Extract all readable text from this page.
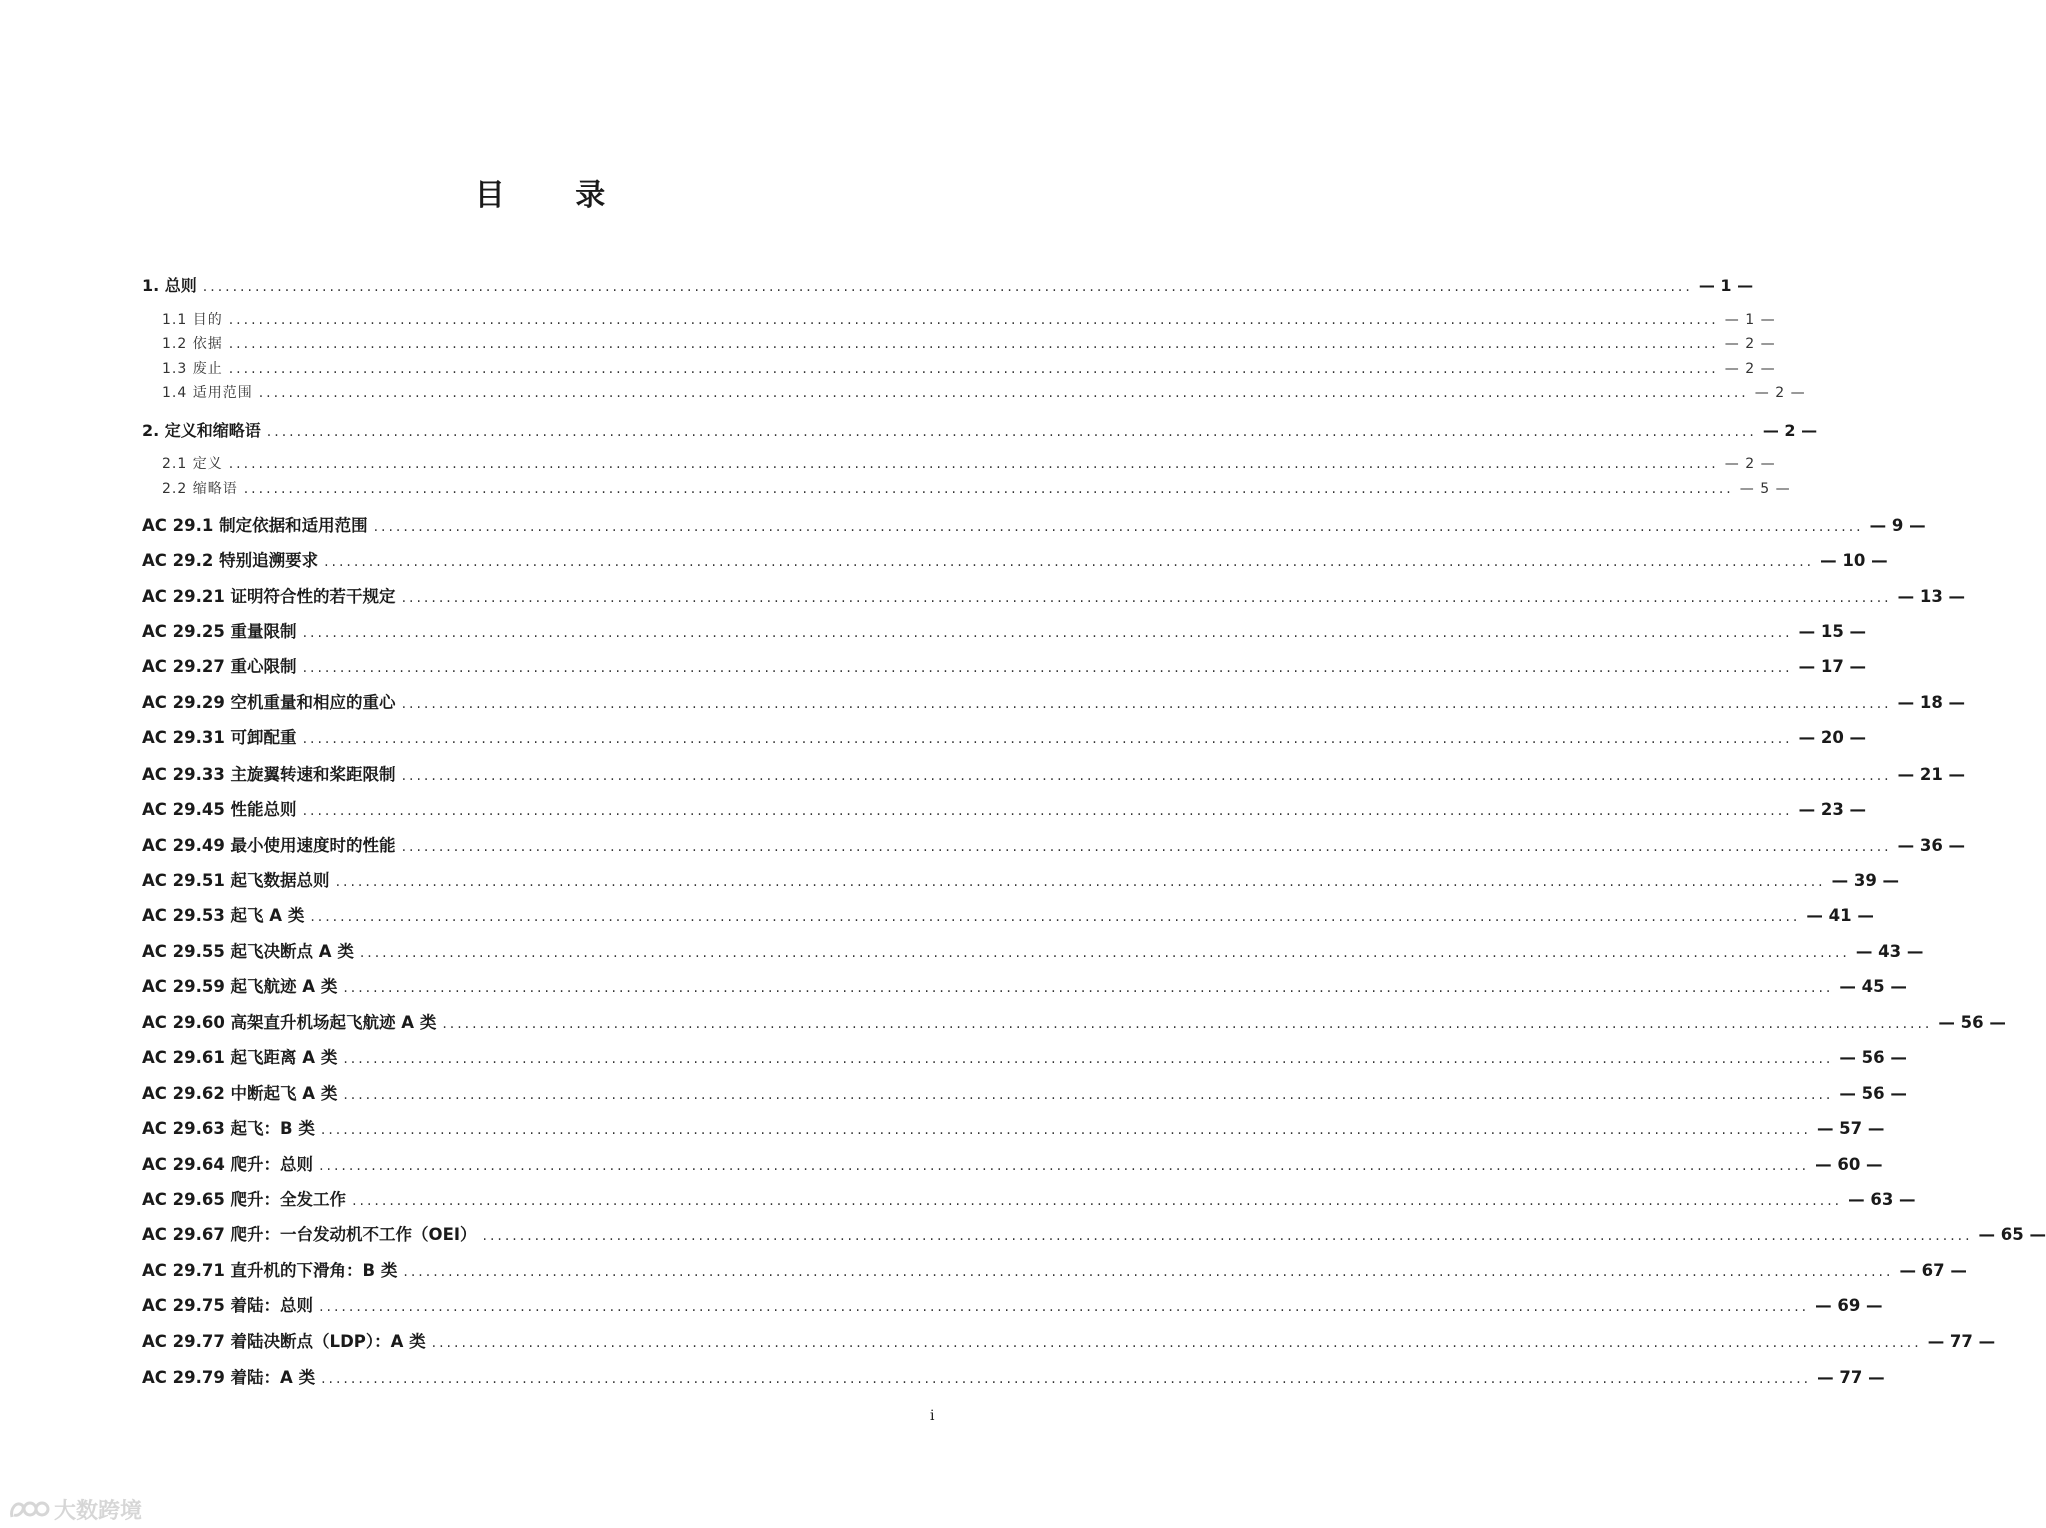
目 录
1. 总则 ........................................................................................................................................................................................................ — 1 —
1.1 目的 ........................................................................................................................................................................................................ — 1 —
1.2 依据 ........................................................................................................................................................................................................ — 2 —
1.3 废止 ........................................................................................................................................................................................................ — 2 —
1.4 适用范围 ........................................................................................................................................................................................................ — 2 —
2. 定义和缩略语 ........................................................................................................................................................................................................ — 2 —
2.1 定义 ........................................................................................................................................................................................................ — 2 —
2.2 缩略语 ........................................................................................................................................................................................................ — 5 —
AC 29.1 制定依据和适用范围 ........................................................................................................................................................................................................ — 9 —
AC 29.2 特别追溯要求 ........................................................................................................................................................................................................ — 10 —
AC 29.21 证明符合性的若干规定 ........................................................................................................................................................................................................ — 13 —
AC 29.25 重量限制 ........................................................................................................................................................................................................ — 15 —
AC 29.27 重心限制 ........................................................................................................................................................................................................ — 17 —
AC 29.29 空机重量和相应的重心 ........................................................................................................................................................................................................ — 18 —
AC 29.31 可卸配重 ........................................................................................................................................................................................................ — 20 —
AC 29.33 主旋翼转速和桨距限制 ........................................................................................................................................................................................................ — 21 —
AC 29.45 性能总则 ........................................................................................................................................................................................................ — 23 —
AC 29.49 最小使用速度时的性能 ........................................................................................................................................................................................................ — 36 —
AC 29.51 起飞数据总则 ........................................................................................................................................................................................................ — 39 —
AC 29.53 起飞 A 类 ........................................................................................................................................................................................................ — 41 —
AC 29.55 起飞决断点 A 类 ........................................................................................................................................................................................................ — 43 —
AC 29.59 起飞航迹 A 类 ........................................................................................................................................................................................................ — 45 —
AC 29.60 高架直升机场起飞航迹 A 类 ........................................................................................................................................................................................................ — 56 —
AC 29.61 起飞距离 A 类 ........................................................................................................................................................................................................ — 56 —
AC 29.62 中断起飞 A 类 ........................................................................................................................................................................................................ — 56 —
AC 29.63 起飞：B 类 ........................................................................................................................................................................................................ — 57 —
AC 29.64 爬升：总则 ........................................................................................................................................................................................................ — 60 —
AC 29.65 爬升：全发工作 ........................................................................................................................................................................................................ — 63 —
AC 29.67 爬升：一台发动机不工作（OEI） ........................................................................................................................................................................................................ — 65 —
AC 29.71 直升机的下滑角：B 类 ........................................................................................................................................................................................................ — 67 —
AC 29.75 着陆：总则 ........................................................................................................................................................................................................ — 69 —
AC 29.77 着陆决断点（LDP）：A 类 ........................................................................................................................................................................................................ — 77 —
AC 29.79 着陆：A 类 ........................................................................................................................................................................................................ — 77 —
i
大数跨境
